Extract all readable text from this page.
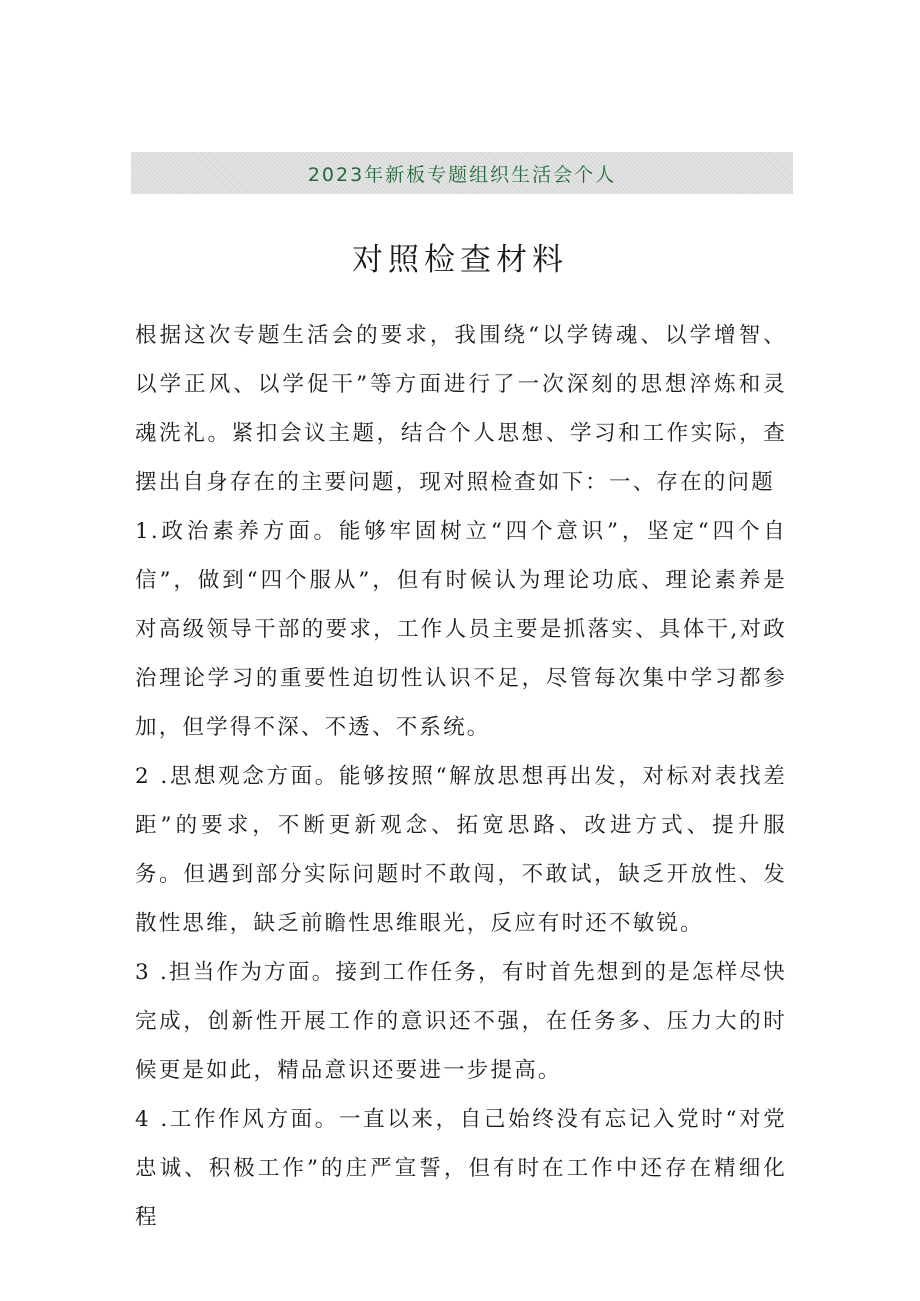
2023年新板专题组织生活会个人
对照检查材料

根据这次专题生活会的要求，我围绕“以学铸魂、以学增智、以学正风、以学促干”等方面进行了一次深刻的思想淬炼和灵魂洗礼。紧扣会议主题，结合个人思想、学习和工作实际，查摆出自身存在的主要问题，现对照检查如下：一、存在的问题

1.政治素养方面。能够牢固树立“四个意识”，坚定“四个自信”，做到“四个服从”，但有时候认为理论功底、理论素养是对高级领导干部的要求，工作人员主要是抓落实、具体干,对政治理论学习的重要性迫切性认识不足，尽管每次集中学习都参加，但学得不深、不透、不系统。

2 .思想观念方面。能够按照“解放思想再出发，对标对表找差距”的要求，不断更新观念、拓宽思路、改进方式、提升服务。但遇到部分实际问题时不敢闯，不敢试，缺乏开放性、发散性思维，缺乏前瞻性思维眼光，反应有时还不敏锐。

3 .担当作为方面。接到工作任务，有时首先想到的是怎样尽快完成，创新性开展工作的意识还不强，在任务多、压力大的时候更是如此，精品意识还要进一步提高。

4 .工作作风方面。一直以来，自己始终没有忘记入党时“对党忠诚、积极工作”的庄严宣誓，但有时在工作中还存在精细化程
